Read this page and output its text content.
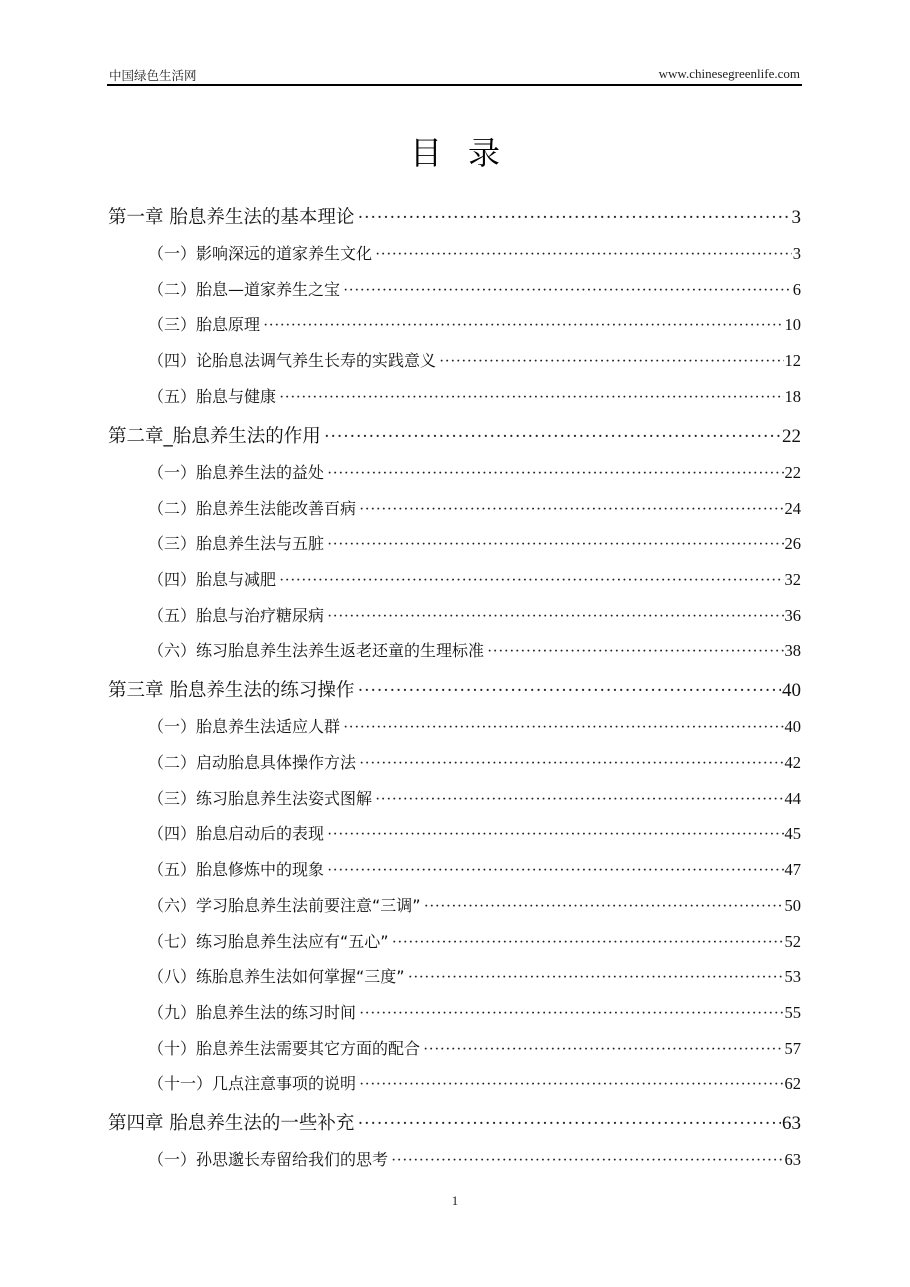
中国绿色生活网	www.chinesegreenlife.com
目录
第一章 胎息养生法的基本理论 ·····	3
（一）影响深远的道家养生文化 ·····	3
（二）胎息—道家养生之宝 ·····	6
（三）胎息原理 ·····	10
（四）论胎息法调气养生长寿的实践意义 ·····	12
（五）胎息与健康 ·····	18
第二章_胎息养生法的作用 ·····	22
（一）胎息养生法的益处 ·····	22
（二）胎息养生法能改善百病 ·····	24
（三）胎息养生法与五脏 ·····	26
（四）胎息与减肥 ·····	32
（五）胎息与治疗糖尿病 ·····	36
（六）练习胎息养生法养生返老还童的生理标准 ·····	38
第三章 胎息养生法的练习操作 ·····	40
（一）胎息养生法适应人群 ·····	40
（二）启动胎息具体操作方法 ·····	42
（三）练习胎息养生法姿式图解 ·····	44
（四）胎息启动后的表现 ·····	45
（五）胎息修炼中的现象 ·····	47
（六）学习胎息养生法前要注意“三调” ·····	50
（七）练习胎息养生法应有“五心” ·····	52
（八）练胎息养生法如何掌握“三度” ·····	53
（九）胎息养生法的练习时间 ·····	55
（十）胎息养生法需要其它方面的配合 ·····	57
（十一）几点注意事项的说明 ·····	62
第四章 胎息养生法的一些补充 ·····	63
（一）孙思邈长寿留给我们的思考 ·····	63
1
